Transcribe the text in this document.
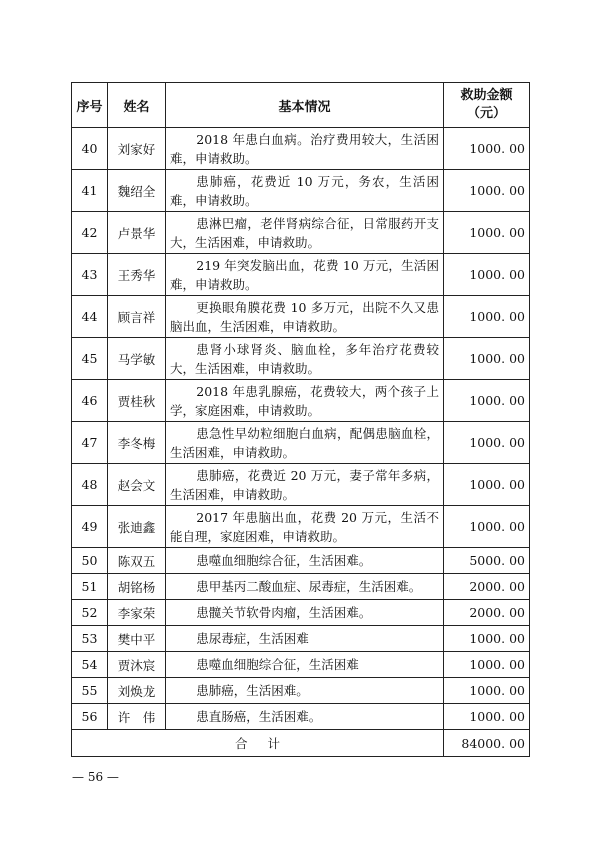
序号	姓名	基本情况	救助金额
（元）

40	刘家好	2018 年患白血病。治疗费用较大，生活困难，申请救助。	1000. 00
41	魏绍全	患肺癌，花费近 10 万元，务农，生活困难，申请救助。	1000. 00
42	卢景华	患淋巴瘤，老伴肾病综合征，日常服药开支大，生活困难，申请救助。	1000. 00
43	王秀华	219 年突发脑出血，花费 10 万元，生活困难，申请救助。	1000. 00
44	顾言祥	更换眼角膜花费 10 多万元，出院不久又患脑出血，生活困难，申请救助。	1000. 00
45	马学敏	患肾小球肾炎、脑血栓，多年治疗花费较大，生活困难，申请救助。	1000. 00
46	贾桂秋	2018 年患乳腺癌，花费较大，两个孩子上学，家庭困难，申请救助。	1000. 00
47	李冬梅	患急性早幼粒细胞白血病，配偶患脑血栓，生活困难，申请救助。	1000. 00
48	赵会文	患肺癌，花费近 20 万元，妻子常年多病，生活困难，申请救助。	1000. 00
49	张迪鑫	2017 年患脑出血，花费 20 万元，生活不能自理，家庭困难，申请救助。	1000. 00
50	陈双五	患噬血细胞综合征，生活困难。	5000. 00
51	胡铭杨	患甲基丙二酸血症、尿毒症，生活困难。	2000. 00
52	李家荣	患髋关节软骨肉瘤，生活困难。	2000. 00
53	樊中平	患尿毒症，生活困难	1000. 00
54	贾沐宸	患噬血细胞综合征，生活困难	1000. 00
55	刘焕龙	患肺癌，生活困难。	1000. 00
56	许　伟	患直肠癌，生活困难。	1000. 00
合计			84000. 00
— 56 —
